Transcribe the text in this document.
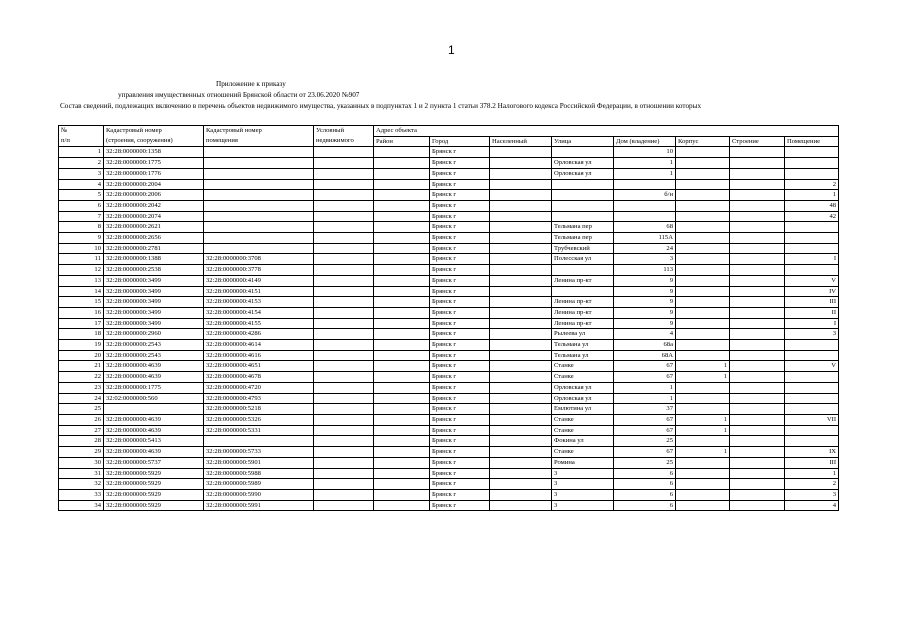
1
Приложение к приказу
управления имущественных отношений Брянской области от 23.06.2020 №907
Состав сведений, подлежащих включению в перечень объектов недвижимого имущества, указанных в подпунктах 1 и 2 пункта 1 статьи 378.2 Налогового кодекса Российской Федерации, в отношении которых
№	Кадастровый номер	Кадастровый номер	Условный	Адрес объекта							
п/п	(строения, сооружения)	помещения	недвижимого	Район	Город	Населенный	Улица	Дом (владение)	Корпус	Строение	Помещение
1	32:28:0000000:1358				Брянск г			10			
2	32:28:0000000:1775				Брянск г		Орловская ул	1			
3	32:28:0000000:1776				Брянск г		Орловская ул	1			
4	32:28:0000000:2004				Брянск г						2
5	32:28:0000000:2006				Брянск г			б/н			1
6	32:28:0000000:2042				Брянск г						48
7	32:28:0000000:2074				Брянск г						42
8	32:28:0000000:2621				Брянск г		Тельмана пер	68			
9	32:28:0000000:2656				Брянск г		Тельмана пер	115А			
10	32:28:0000000:2781				Брянск г		Трубчевский	24			
11	32:28:0000000:1388	32:28:0000000:3708			Брянск г		Полесская ул	3			I
12	32:28:0000000:2538	32:28:0000000:3778			Брянск г			113			
13	32:28:0000000:3499	32:28:0000000:4149			Брянск г		Ленина пр-кт	9			V
14	32:28:0000000:3499	32:28:0000000:4151			Брянск г			9			IV
15	32:28:0000000:3499	32:28:0000000:4153			Брянск г		Ленина пр-кт	9			III
16	32:28:0000000:3499	32:28:0000000:4154			Брянск г		Ленина пр-кт	9			II
17	32:28:0000000:3499	32:28:0000000:4155			Брянск г		Ленина пр-кт	9			I
18	32:28:0000000:2960	32:28:0000000:4286			Брянск г		Рылеева ул	4			3
19	32:28:0000000:2543	32:28:0000000:4614			Брянск г		Тельмана ул	68а			
20	32:28:0000000:2543	32:28:0000000:4616			Брянск г		Тельмана ул	68А			
21	32:28:0000000:4639	32:28:0000000:4651			Брянск г		Станке	67	1		V
22	32:28:0000000:4639	32:28:0000000:4678			Брянск г		Станке	67	1		
23	32:28:0000000:1775	32:28:0000000:4720			Брянск г		Орловская ул	1			
24	32:02:0000000:560	32:28:0000000:4793			Брянск г		Орловская ул	1			
25		32:28:0000000:5218			Брянск г		Емлютина ул	37			
26	32:28:0000000:4639	32:28:0000000:5326			Брянск г		Станке	67	1		VII
27	32:28:0000000:4639	32:28:0000000:5331			Брянск г		Станке	67	1		
28	32:28:0000000:5413				Брянск г		Фокина ул	25			
29	32:28:0000000:4639	32:28:0000000:5733			Брянск г		Станке	67	1		IX
30	32:28:0000000:5737	32:28:0000000:5901			Брянск г		Ромина	25			III
31	32:28:0000000:5929	32:28:0000000:5988			Брянск г		3	6			1
32	32:28:0000000:5929	32:28:0000000:5989			Брянск г		3	6			2
33	32:28:0000000:5929	32:28:0000000:5990			Брянск г		3	6			3
34	32:28:0000000:5929	32:28:0000000:5991			Брянск г		3	6			4
